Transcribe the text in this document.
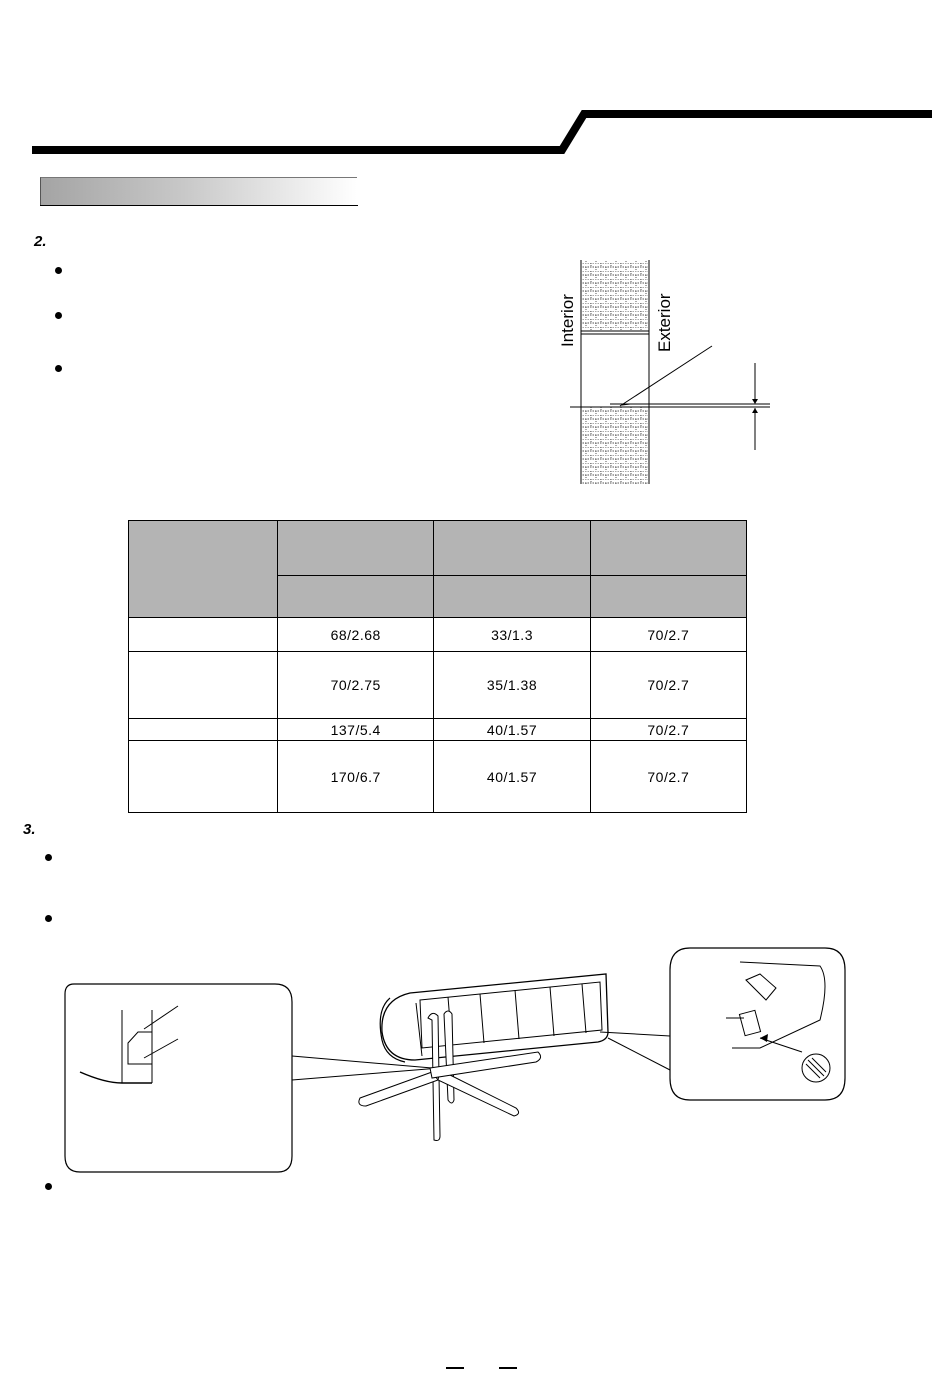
2.
Interior	Exterior

	68/2.68	33/1.3	70/2.7
	70/2.75	35/1.38	70/2.7
	137/5.4	40/1.57	70/2.7
	170/6.7	40/1.57	70/2.7
3.
